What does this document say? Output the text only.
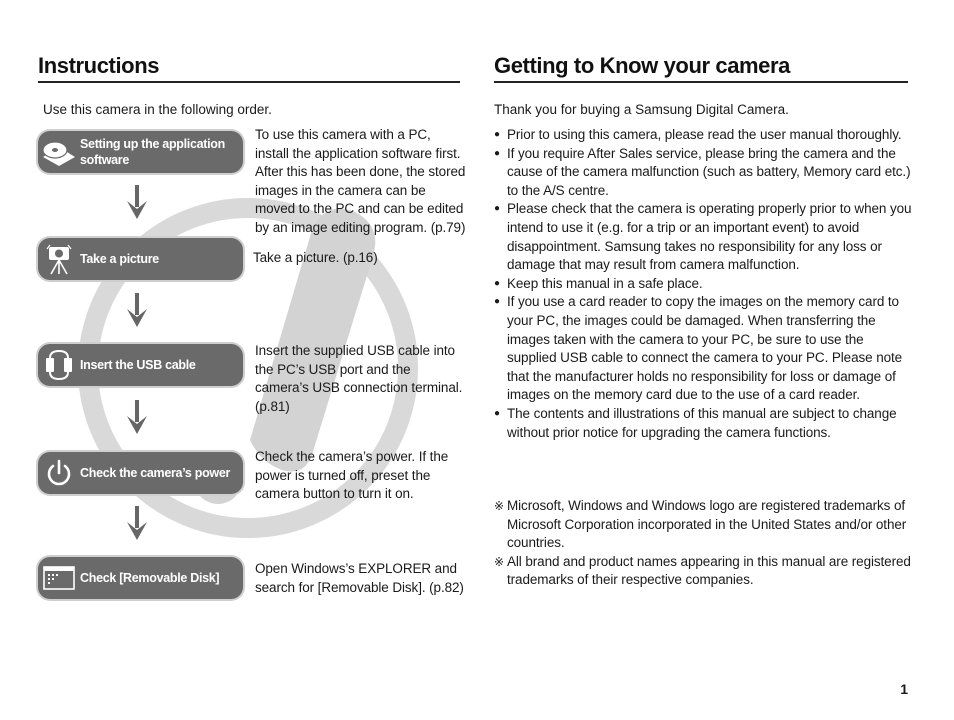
Instructions	Getting to Know your camera
Use this camera in the following order.	Thank you for buying a Samsung Digital Camera.
Setting up the application software
To use this camera with a PC, install the application software first. After this has been done, the stored images in the camera can be moved to the PC and can be edited by an image editing program. (p.79)
Take a picture	Take a picture. (p.16)
Insert the USB cable
Insert the supplied USB cable into the PC’s USB port and the camera’s USB connection terminal. (p.81)
Check the camera’s power
Check the camera’s power. If the power is turned off, preset the camera button to turn it on.
Check [Removable Disk]
Open Windows’s EXPLORER and search for [Removable Disk]. (p.82)
● Prior to using this camera, please read the user manual thoroughly.
● If you require After Sales service, please bring the camera and the cause of the camera malfunction (such as battery, Memory card etc.) to the A/S centre.
● Please check that the camera is operating properly prior to when you intend to use it (e.g. for a trip or an important event) to avoid disappointment. Samsung takes no responsibility for any loss or damage that may result from camera malfunction.
● Keep this manual in a safe place.
● If you use a card reader to copy the images on the memory card to your PC, the images could be damaged. When transferring the images taken with the camera to your PC, be sure to use the supplied USB cable to connect the camera to your PC. Please note that the manufacturer holds no responsibility for loss or damage of images on the memory card due to the use of a card reader.
● The contents and illustrations of this manual are subject to change without prior notice for upgrading the camera functions.
※ Microsoft, Windows and Windows logo are registered trademarks of Microsoft Corporation incorporated in the United States and/or other countries.
※ All brand and product names appearing in this manual are registered trademarks of their respective companies.
1
